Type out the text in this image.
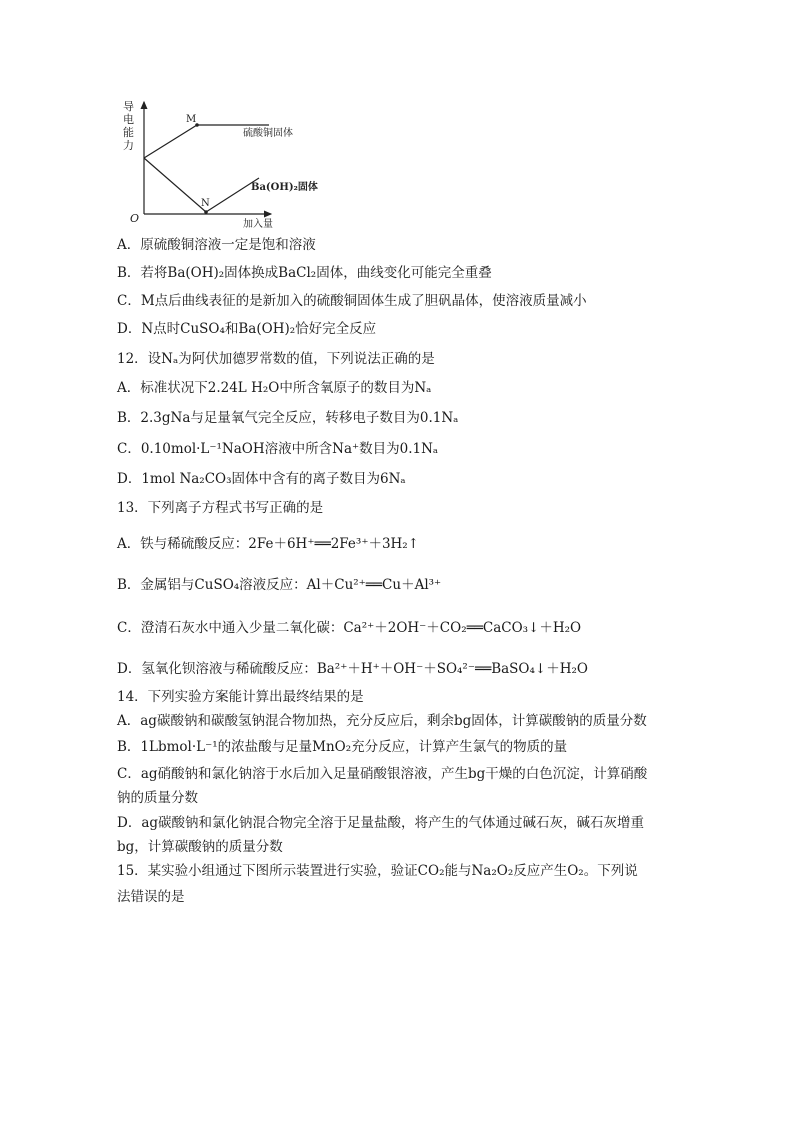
导
电
能
力
O	加入量
M
N
硫酸铜固体
Ba(OH)₂固体
A．原硫酸铜溶液一定是饱和溶液
B．若将Ba(OH)₂固体换成BaCl₂固体，曲线变化可能完全重叠
C．M点后曲线表征的是新加入的硫酸铜固体生成了胆矾晶体，使溶液质量减小
D．N点时CuSO₄和Ba(OH)₂恰好完全反应
12．设Nₐ为阿伏加德罗常数的值，下列说法正确的是
A．标准状况下2.24L H₂O中所含氧原子的数目为Nₐ
B．2.3gNa与足量氧气完全反应，转移电子数目为0.1Nₐ
C．0.10mol·L⁻¹NaOH溶液中所含Na⁺数目为0.1Nₐ
D．1mol Na₂CO₃固体中含有的离子数目为6Nₐ
13．下列离子方程式书写正确的是
A．铁与稀硫酸反应：2Fe＋6H⁺══2Fe³⁺＋3H₂↑
B．金属铝与CuSO₄溶液反应：Al＋Cu²⁺══Cu＋Al³⁺
C．澄清石灰水中通入少量二氧化碳：Ca²⁺＋2OH⁻＋CO₂══CaCO₃↓＋H₂O
D．氢氧化钡溶液与稀硫酸反应：Ba²⁺＋H⁺＋OH⁻＋SO₄²⁻══BaSO₄↓＋H₂O
14．下列实验方案能计算出最终结果的是
A．ag碳酸钠和碳酸氢钠混合物加热，充分反应后，剩余bg固体，计算碳酸钠的质量分数
B．1Lbmol·L⁻¹的浓盐酸与足量MnO₂充分反应，计算产生氯气的物质的量
C．ag硝酸钠和氯化钠溶于水后加入足量硝酸银溶液，产生bg干燥的白色沉淀，计算硝酸
钠的质量分数
D．ag碳酸钠和氯化钠混合物完全溶于足量盐酸，将产生的气体通过碱石灰，碱石灰增重
bg，计算碳酸钠的质量分数
15．某实验小组通过下图所示装置进行实验，验证CO₂能与Na₂O₂反应产生O₂。下列说
法错误的是
